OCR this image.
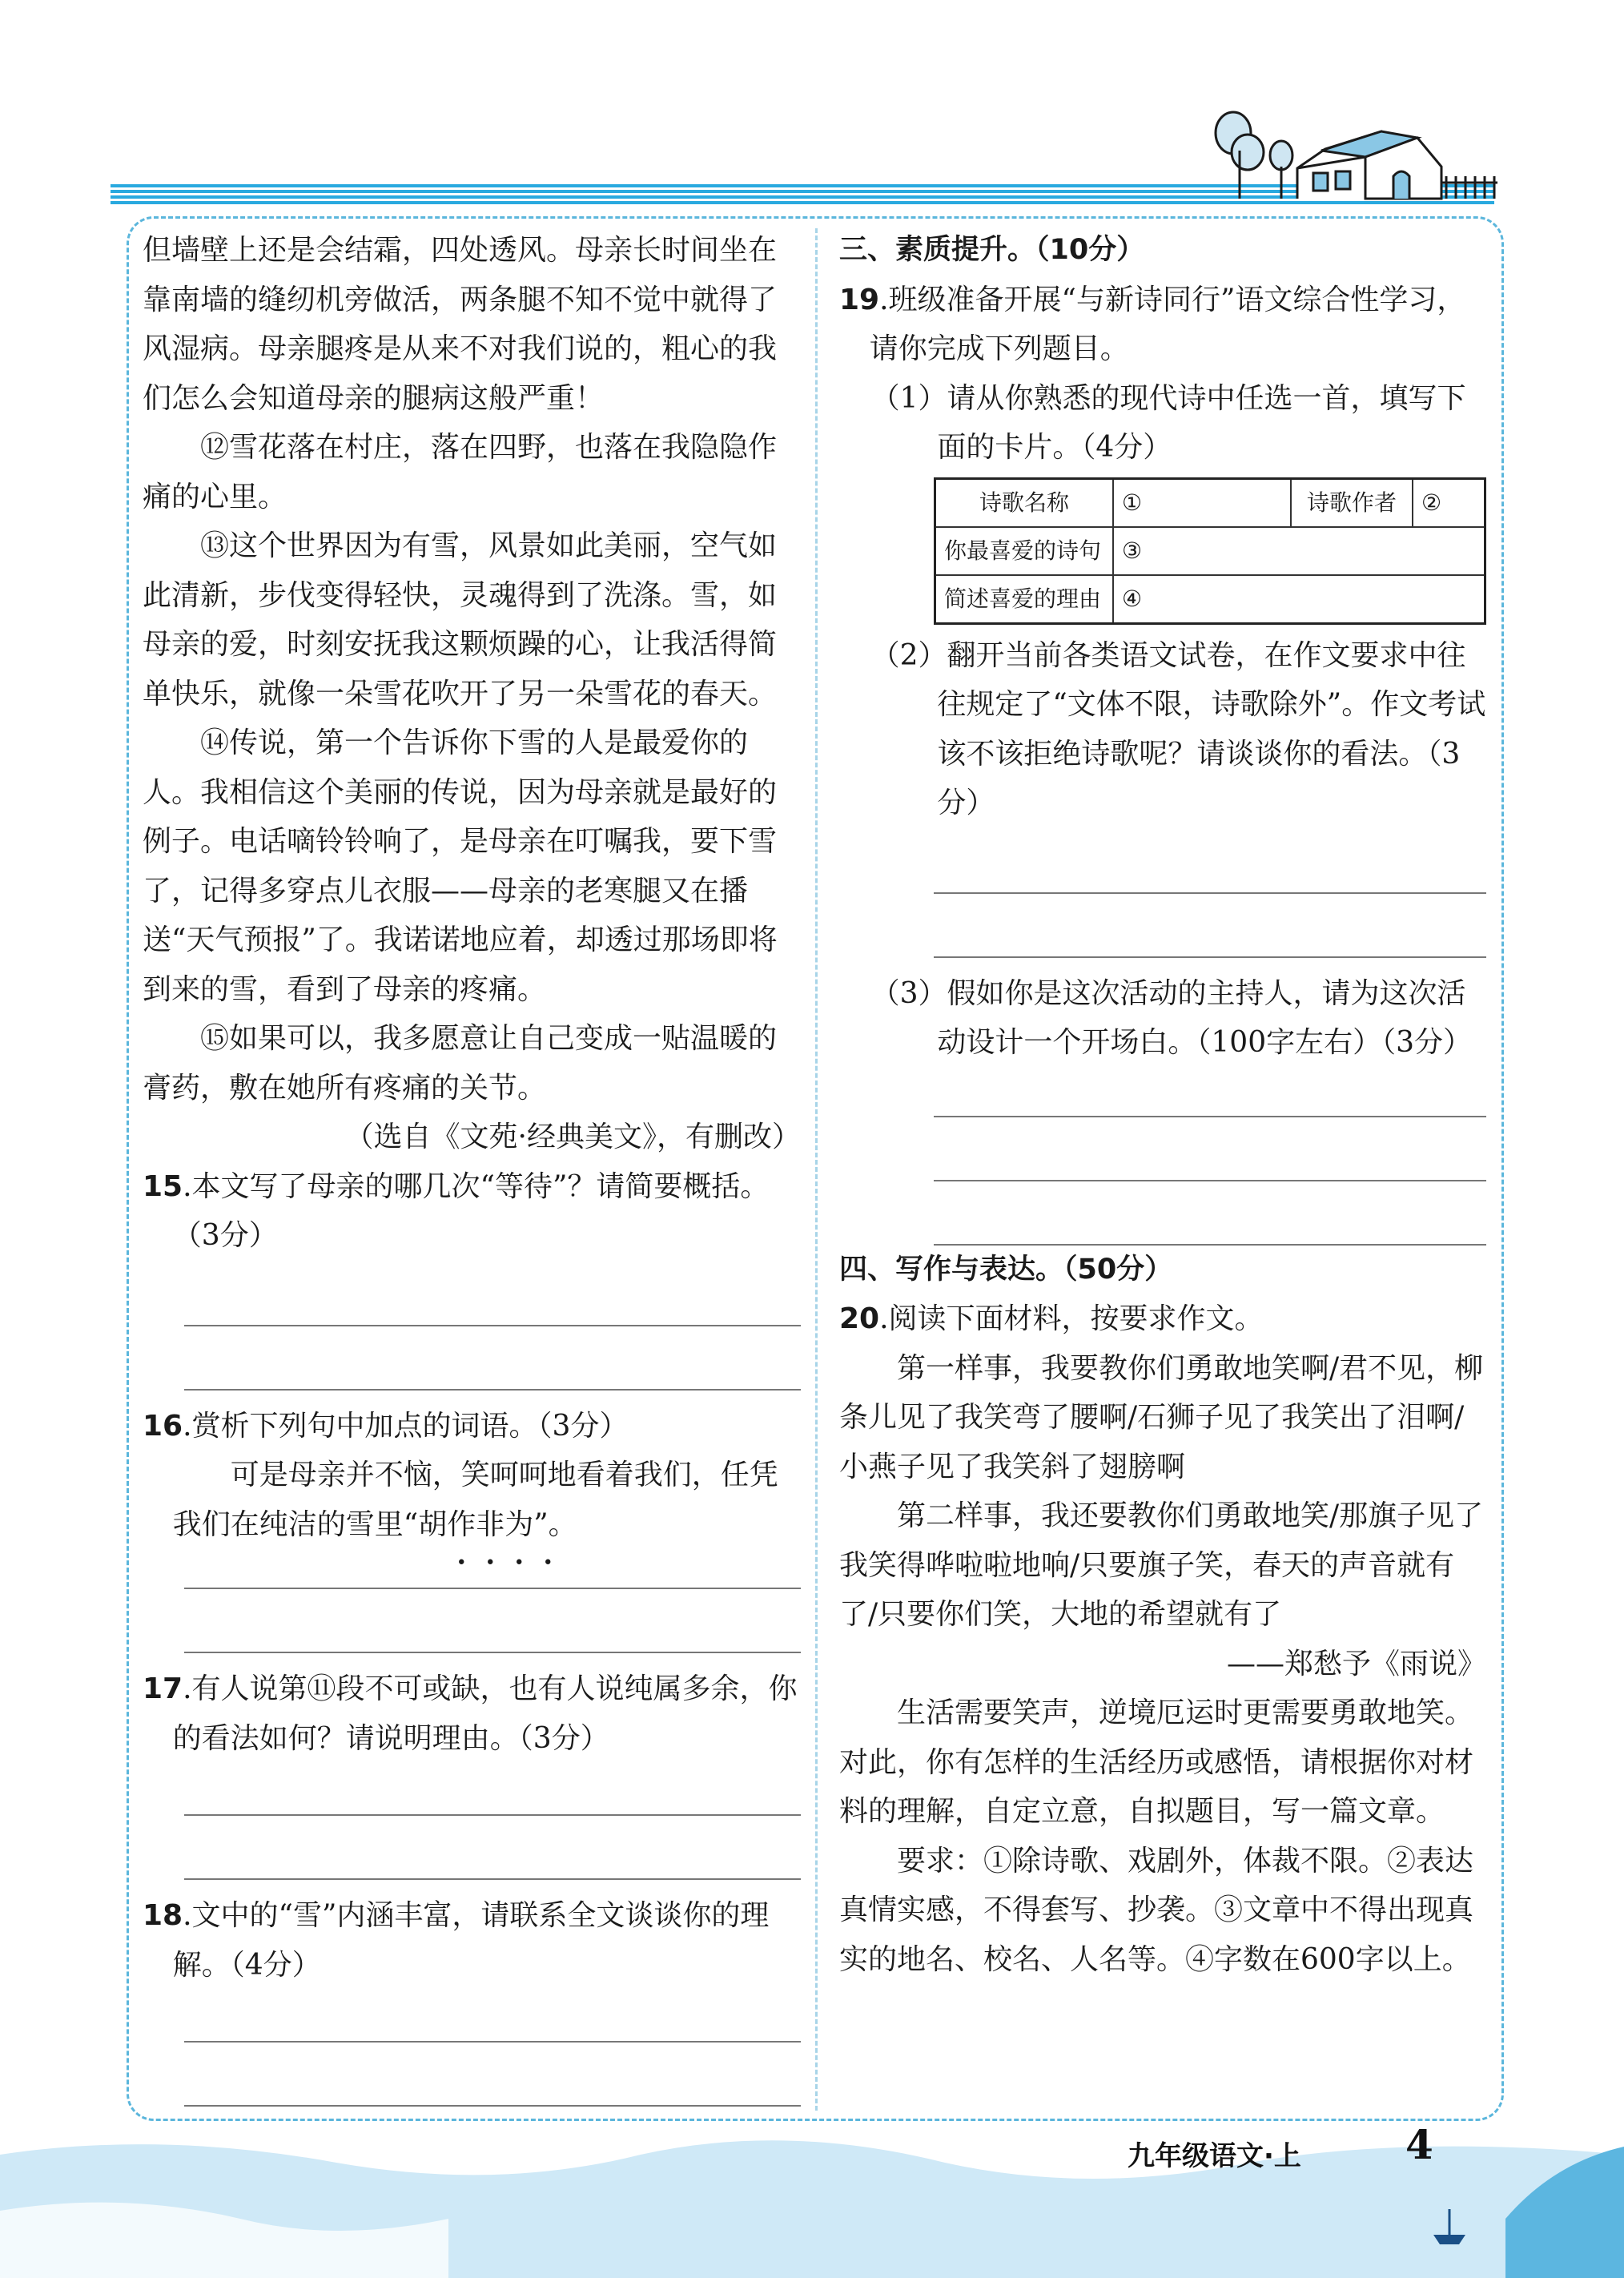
但墙壁上还是会结霜，四处透风。母亲长时间坐在靠南墙的缝纫机旁做活，两条腿不知不觉中就得了风湿病。母亲腿疼是从来不对我们说的，粗心的我们怎么会知道母亲的腿病这般严重！

⑫雪花落在村庄，落在四野，也落在我隐隐作痛的心里。

⑬这个世界因为有雪，风景如此美丽，空气如此清新，步伐变得轻快，灵魂得到了洗涤。雪，如母亲的爱，时刻安抚我这颗烦躁的心，让我活得简单快乐，就像一朵雪花吹开了另一朵雪花的春天。

⑭传说，第一个告诉你下雪的人是最爱你的人。我相信这个美丽的传说，因为母亲就是最好的例子。电话嘀铃铃响了，是母亲在叮嘱我，要下雪了，记得多穿点儿衣服——母亲的老寒腿又在播送“天气预报”了。我诺诺地应着，却透过那场即将到来的雪，看到了母亲的疼痛。

⑮如果可以，我多愿意让自己变成一贴温暖的膏药，敷在她所有疼痛的关节。

（选自《文苑·经典美文》，有删改）

15.本文写了母亲的哪几次“等待”？请简要概括。（3分）

16.赏析下列句中加点的词语。（3分）

可是母亲并不恼，笑呵呵地看着我们，任凭我们在纯洁的雪里“胡作非为”。

17.有人说第⑪段不可或缺，也有人说纯属多余，你的看法如何？请说明理由。（3分）

18.文中的“雪”内涵丰富，请联系全文谈谈你的理解。（4分）

三、素质提升。（10分）

19.班级准备开展“与新诗同行”语文综合性学习，请你完成下列题目。

（1）请从你熟悉的现代诗中任选一首，填写下面的卡片。（4分）

诗歌名称	①	诗歌作者	②
你最喜爱的诗句	③		
简述喜爱的理由	④		

（2）翻开当前各类语文试卷，在作文要求中往往规定了“文体不限，诗歌除外”。作文考试该不该拒绝诗歌呢？请谈谈你的看法。（3分）

（3）假如你是这次活动的主持人，请为这次活动设计一个开场白。（100字左右）（3分）

四、写作与表达。（50分）

20.阅读下面材料，按要求作文。

第一样事，我要教你们勇敢地笑啊/君不见，柳条儿见了我笑弯了腰啊/石狮子见了我笑出了泪啊/小燕子见了我笑斜了翅膀啊

第二样事，我还要教你们勇敢地笑/那旗子见了我笑得哗啦啦地响/只要旗子笑，春天的声音就有了/只要你们笑，大地的希望就有了

——郑愁予《雨说》

生活需要笑声，逆境厄运时更需要勇敢地笑。对此，你有怎样的生活经历或感悟，请根据你对材料的理解，自定立意，自拟题目，写一篇文章。

要求：①除诗歌、戏剧外，体裁不限。②表达真情实感，不得套写、抄袭。③文章中不得出现真实的地名、校名、人名等。④字数在600字以上。

九年级语文·上	4
